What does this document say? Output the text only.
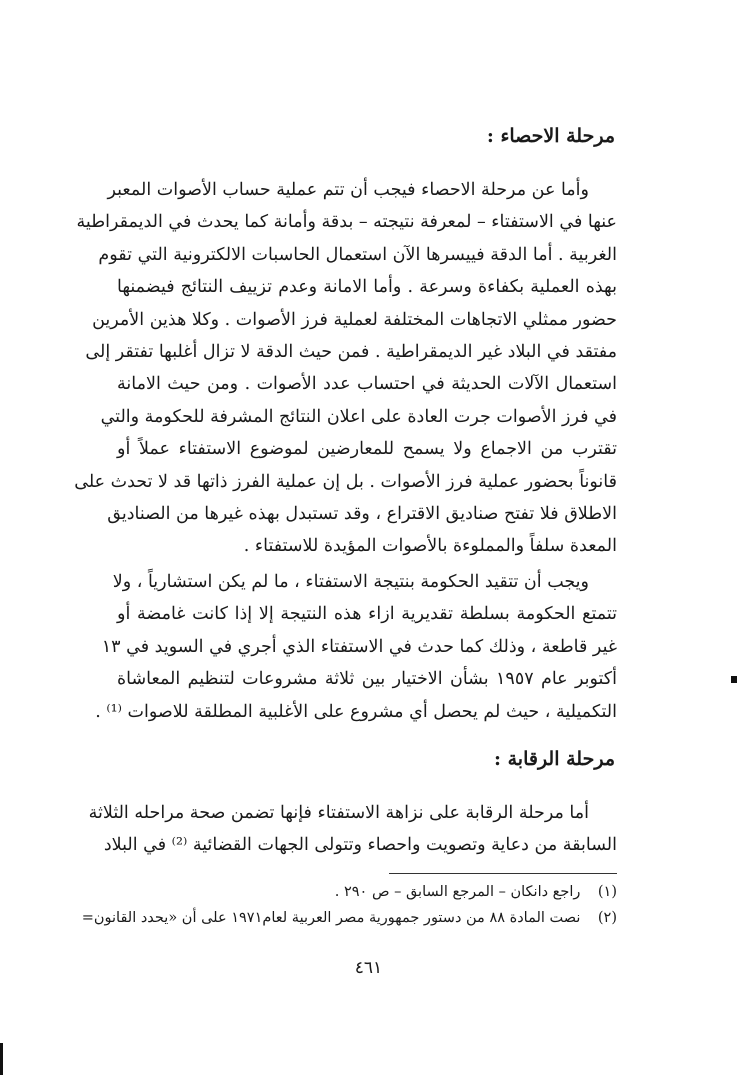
مرحلة الاحصاء :
وأما عن مرحلة الاحصاء فيجب أن تتم عملية حساب الأصوات المعبر
عنها في الاستفتاء – لمعرفة نتيجته – بدقة وأمانة كما يحدث في الديمقراطية
الغربية . أما الدقة فييسرها الآن استعمال الحاسبات الالكترونية التي تقوم
بهذه العملية بكفاءة وسرعة . وأما الامانة وعدم تزييف النتائج فيضمنها
حضور ممثلي الاتجاهات المختلفة لعملية فرز الأصوات . وكلا هذين الأمرين
مفتقد في البلاد غير الديمقراطية . فمن حيث الدقة لا تزال أغلبها تفتقر إلى
استعمال الآلات الحديثة في احتساب عدد الأصوات . ومن حيث الامانة
في فرز الأصوات جرت العادة على اعلان النتائج المشرفة للحكومة والتي
تقترب من الاجماع ولا يسمح للمعارضين لموضوع الاستفتاء عملاً أو
قانوناً بحضور عملية فرز الأصوات . بل إن عملية الفرز ذاتها قد لا تحدث على
الاطلاق فلا تفتح صناديق الاقتراع ، وقد تستبدل بهذه غيرها من الصناديق
المعدة سلفاً والمملوءة بالأصوات المؤيدة للاستفتاء .
ويجب أن تتقيد الحكومة بنتيجة الاستفتاء ، ما لم يكن استشارياً ، ولا
تتمتع الحكومة بسلطة تقديرية ازاء هذه النتيجة إلا إذا كانت غامضة أو
غير قاطعة ، وذلك كما حدث في الاستفتاء الذي أجري في السويد في ١٣
أكتوبر عام ١٩٥٧ بشأن الاختيار بين ثلاثة مشروعات لتنظيم المعاشاة
التكميلية ، حيث لم يحصل أي مشروع على الأغلبية المطلقة للاصوات ⁽¹⁾ .
مرحلة الرقابة :
أما مرحلة الرقابة على نزاهة الاستفتاء فإنها تضمن صحة مراحله الثلاثة
السابقة من دعاية وتصويت واحصاء وتتولى الجهات القضائية ⁽²⁾ في البلاد
(١) راجع دانكان – المرجع السابق – ص ٢٩٠ .
(٢) نصت المادة ٨٨ من دستور جمهورية مصر العربية لعام١٩٧١ على أن «يحدد القانون=
٤٦١
